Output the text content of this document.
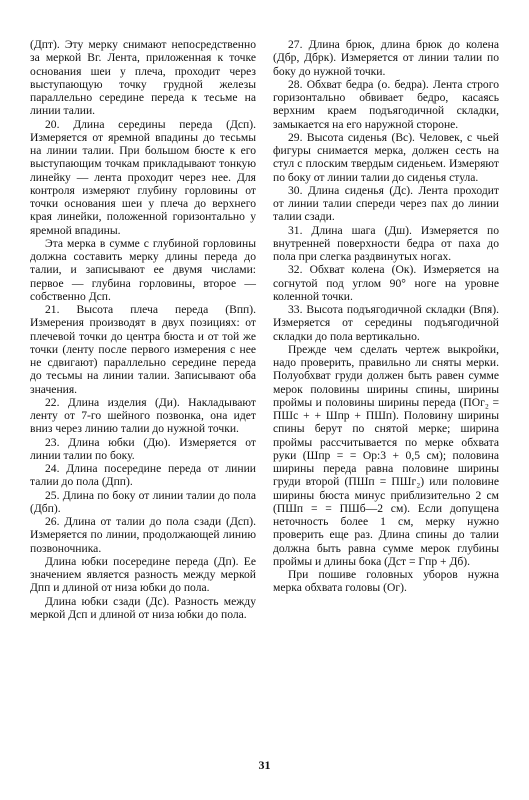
(Дпт). Эту мерку снимают непосредственно за меркой Вг. Лента, приложенная к точке основания шеи у плеча, проходит через выступающую точку грудной железы параллельно середине переда к тесьме на линии талии.

20. Длина середины переда (Дсп). Измеряется от яремной впадины до тесьмы на линии талии. При большом бюсте к его выступающим точкам прикладывают тонкую линейку — лента проходит через нее. Для контроля измеряют глубину горловины от точки основания шеи у плеча до верхнего края линейки, положенной горизонтально у яремной впадины.

Эта мерка в сумме с глубиной горловины должна составить мерку длины переда до талии, и записывают ее двумя числами: первое — глубина горловины, второе — собственно Дсп.

21. Высота плеча переда (Впп). Измерения производят в двух позициях: от плечевой точки до центра бюста и от той же точки (ленту после первого измерения с нее не сдвигают) параллельно середине переда до тесьмы на линии талии. Записывают оба значения.

22. Длина изделия (Ди). Накладывают ленту от 7-го шейного позвонка, она идет вниз через линию талии до нужной точки.

23. Длина юбки (Дю). Измеряется от линии талии по боку.

24. Длина посередине переда от линии талии до пола (Дпп).

25. Длина по боку от линии талии до пола (Дбп).

26. Длина от талии до пола сзади (Дсп). Измеряется по линии, продолжающей линию позвоночника.

Длина юбки посередине переда (Дп). Ее значением является разность между меркой Дпп и длиной от низа юбки до пола.

Длина юбки сзади (Дс). Разность между меркой Дсп и длиной от низа юбки до пола.

27. Длина брюк, длина брюк до колена (Дбр, Дбрк). Измеряется от линии талии по боку до нужной точки.

28. Обхват бедра (о. бедра). Лента строго горизонтально обвивает бедро, касаясь верхним краем подъягодичной складки, замыкается на его наружной стороне.

29. Высота сиденья (Вс). Человек, с чьей фигуры снимается мерка, должен сесть на стул с плоским твердым сиденьем. Измеряют по боку от линии талии до сиденья стула.

30. Длина сиденья (Дс). Лента проходит от линии талии спереди через пах до линии талии сзади.

31. Длина шага (Дш). Измеряется по внутренней поверхности бедра от паха до пола при слегка раздвинутых ногах.

32. Обхват колена (Ок). Измеряется на согнутой под углом 90° ноге на уровне коленной точки.

33. Высота подъягодичной складки (Впя). Измеряется от середины подъягодичной складки до пола вертикально.

Прежде чем сделать чертеж выкройки, надо проверить, правильно ли сняты мерки. Полуобхват груди должен быть равен сумме мерок половины ширины спины, ширины проймы и половины ширины переда (ПОг₂ = ПШс + + Шпр + ПШп). Половину ширины спины берут по снятой мерке; ширина проймы рассчитывается по мерке обхвата руки (Шпр = = Ор:3 + 0,5 см); половина ширины переда равна половине ширины груди второй (ПШп = ПШг₂) или половине ширины бюста минус приблизительно 2 см (ПШп = = ПШб—2 см). Если допущена неточность более 1 см, мерку нужно проверить еще раз. Длина спины до талии должна быть равна сумме мерок глубины проймы и длины бока (Дст = Гпр + Дб).

При пошиве головных уборов нужна мерка обхвата головы (Ог).

31
